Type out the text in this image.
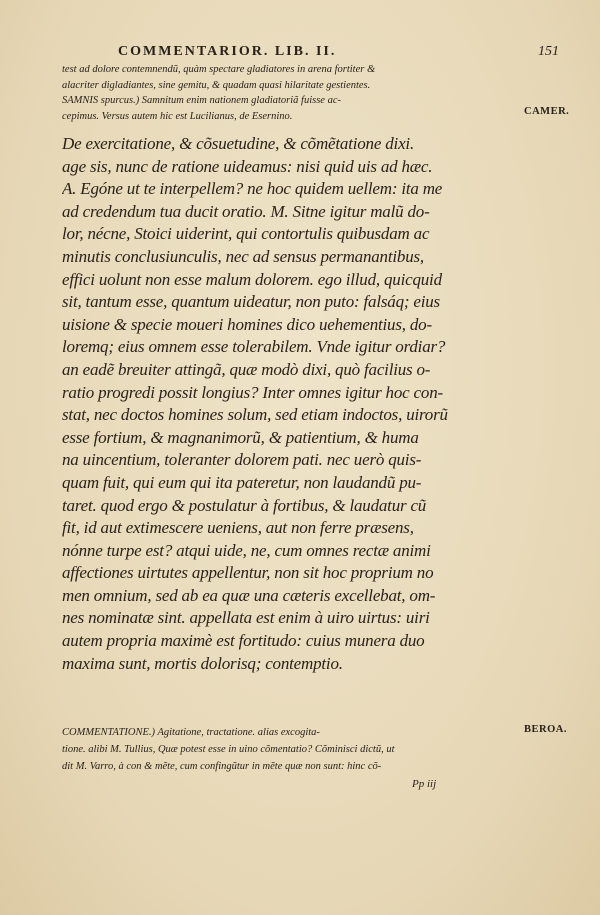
COMMENTARIOR. LIB. II.	151
test ad dolore contemnendũ, quàm spectare gladiatores in arena fortiter &
alacriter digladiantes, sine gemitu, & quadam quasi hilaritate gestientes.
SAMNIS spurcus.) Samnitum enim nationem gladiatoriã fuisse ac-
cepimus. Versus autem hic est Lucilianus, de Esernino.	CAMER.
De exercitatione, & cõsuetudine, & cõmẽtatione dixi.
age sis, nunc de ratione uideamus: nisi quid uis ad hæc.
A. Egóne ut te interpellem? ne hoc quidem uellem: ita me
ad credendum tua ducit oratio. M. Sitne igitur malũ do-
lor, nécne, Stoici uiderint, qui contortulis quibusdam ac
minutis conclusiunculis, nec ad sensus permanantibus,
effici uolunt non esse malum dolorem. ego illud, quicquid
sit, tantum esse, quantum uideatur, non puto: falsáq; eius
uisione & specie moueri homines dico uehementius, do-
loremq; eius omnem esse tolerabilem. Vnde igitur ordiar?
an eadẽ breuiter attingã, quæ modò dixi, quò facilius o-
ratio progredi possit longius? Inter omnes igitur hoc con-
stat, nec doctos homines solum, sed etiam indoctos, uirorũ
esse fortium, & magnanimorũ, & patientium, & huma
na uincentium, toleranter dolorem pati. nec uerò quis-
quam fuit, qui eum qui ita pateretur, non laudandũ pu-
taret. quod ergo & postulatur à fortibus, & laudatur cũ
fit, id aut extimescere ueniens, aut non ferre præsens,
nónne turpe est? atqui uide, ne, cum omnes rectæ animi
affectiones uirtutes appellentur, non sit hoc proprium no
men omnium, sed ab ea quæ una cæteris excellebat, om-
nes nominatæ sint. appellata est enim à uiro uirtus: uiri
autem propria maximè est fortitudo: cuius munera duo
maxima sunt, mortis dolorisq; contemptio.
COMMENTATIONE.) Agitatione, tractatione. alias excogita-
tione. alibi M. Tullius, Quæ potest esse in uino cõmentatio? Cõminisci dictũ, ut
dit M. Varro, à con & mẽte, cum confingũtur in mẽte quæ non sunt: hinc cõ-
BEROA.
Pp iij
